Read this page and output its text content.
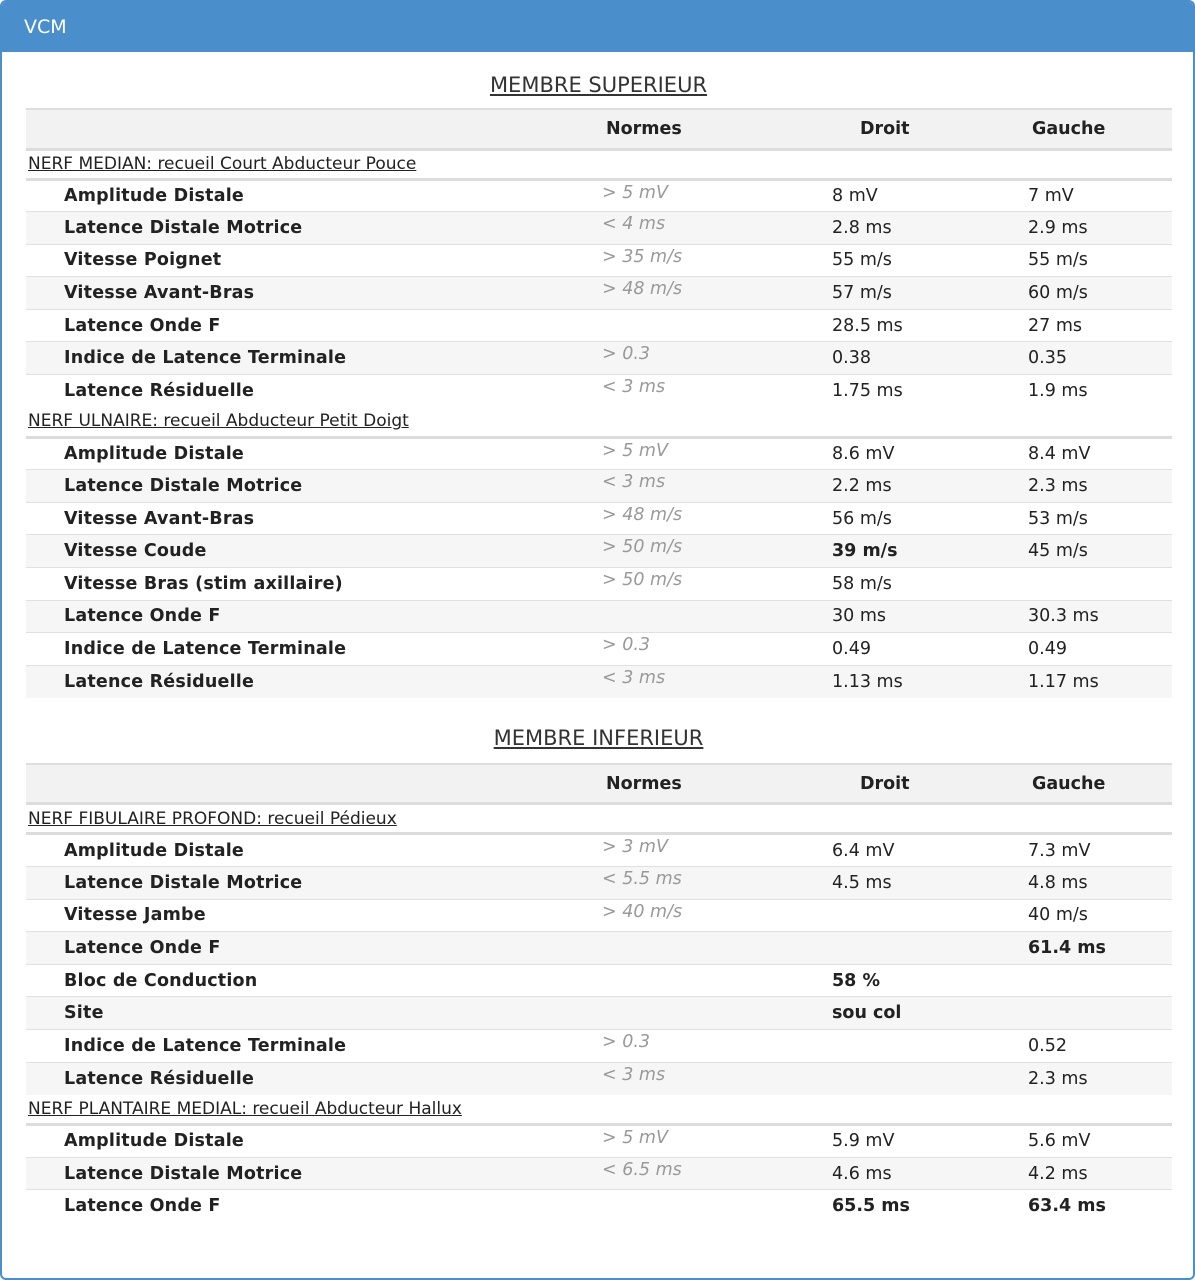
VCM
MEMBRE SUPERIEUR
	Normes	Droit	Gauche
NERF MEDIAN: recueil Court Abducteur Pouce			
Amplitude Distale	> 5 mV	8 mV	7 mV
Latence Distale Motrice	< 4 ms	2.8 ms	2.9 ms
Vitesse Poignet	> 35 m/s	55 m/s	55 m/s
Vitesse Avant-Bras	> 48 m/s	57 m/s	60 m/s
Latence Onde F		28.5 ms	27 ms
Indice de Latence Terminale	> 0.3	0.38	0.35
Latence Résiduelle	< 3 ms	1.75 ms	1.9 ms
NERF ULNAIRE: recueil Abducteur Petit Doigt			
Amplitude Distale	> 5 mV	8.6 mV	8.4 mV
Latence Distale Motrice	< 3 ms	2.2 ms	2.3 ms
Vitesse Avant-Bras	> 48 m/s	56 m/s	53 m/s
Vitesse Coude	> 50 m/s	39 m/s	45 m/s
Vitesse Bras (stim axillaire)	> 50 m/s	58 m/s	
Latence Onde F		30 ms	30.3 ms
Indice de Latence Terminale	> 0.3	0.49	0.49
Latence Résiduelle	< 3 ms	1.13 ms	1.17 ms
MEMBRE INFERIEUR
	Normes	Droit	Gauche
NERF FIBULAIRE PROFOND: recueil Pédieux			
Amplitude Distale	> 3 mV	6.4 mV	7.3 mV
Latence Distale Motrice	< 5.5 ms	4.5 ms	4.8 ms
Vitesse Jambe	> 40 m/s		40 m/s
Latence Onde F			61.4 ms
Bloc de Conduction		58 %	
Site		sou col	
Indice de Latence Terminale	> 0.3		0.52
Latence Résiduelle	< 3 ms		2.3 ms
NERF PLANTAIRE MEDIAL: recueil Abducteur Hallux			
Amplitude Distale	> 5 mV	5.9 mV	5.6 mV
Latence Distale Motrice	< 6.5 ms	4.6 ms	4.2 ms
Latence Onde F		65.5 ms	63.4 ms
